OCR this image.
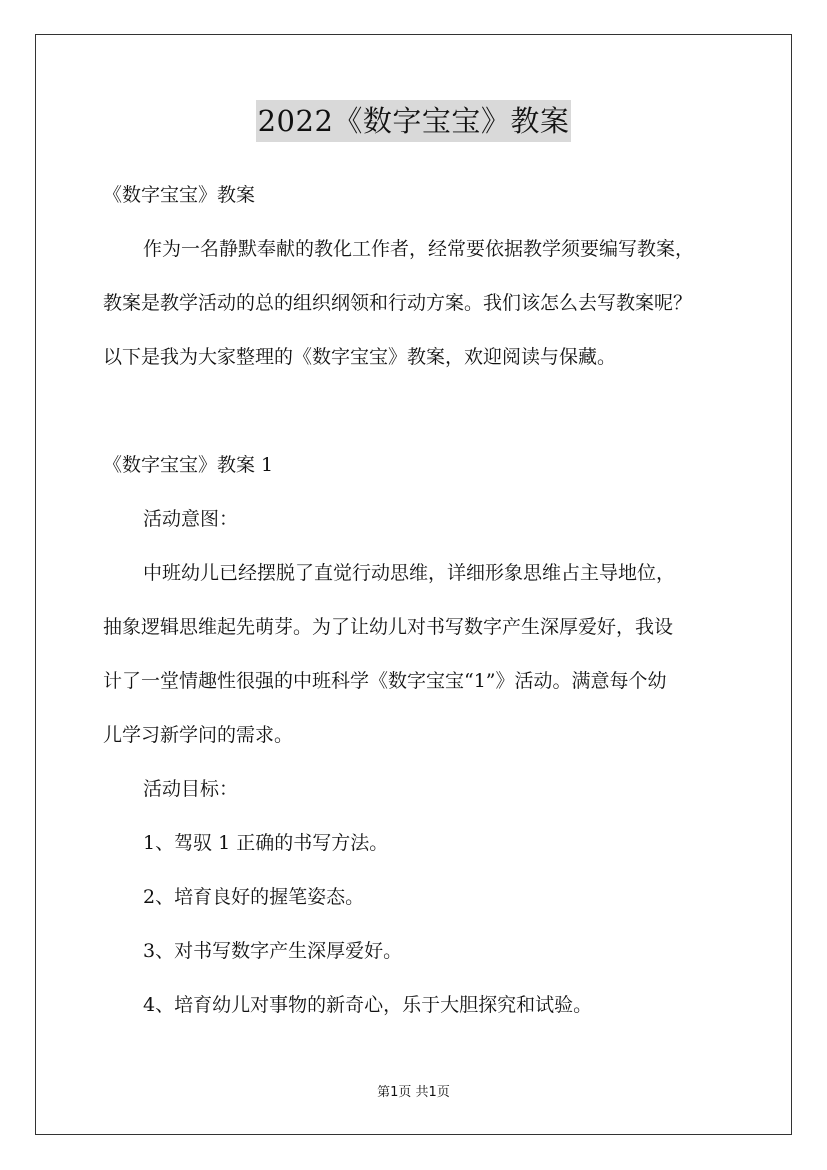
2022《数字宝宝》教案

《数字宝宝》教案

作为一名静默奉献的教化工作者，经常要依据教学须要编写教案，

教案是教学活动的总的组织纲领和行动方案。我们该怎么去写教案呢？

以下是我为大家整理的《数字宝宝》教案，欢迎阅读与保藏。

《数字宝宝》教案 1

活动意图：

中班幼儿已经摆脱了直觉行动思维，详细形象思维占主导地位，

抽象逻辑思维起先萌芽。为了让幼儿对书写数字产生深厚爱好，我设

计了一堂情趣性很强的中班科学《数字宝宝“1”》活动。满意每个幼

儿学习新学问的需求。

活动目标：

1、驾驭 1 正确的书写方法。

2、培育良好的握笔姿态。

3、对书写数字产生深厚爱好。

4、培育幼儿对事物的新奇心，乐于大胆探究和试验。

第1页 共1页
